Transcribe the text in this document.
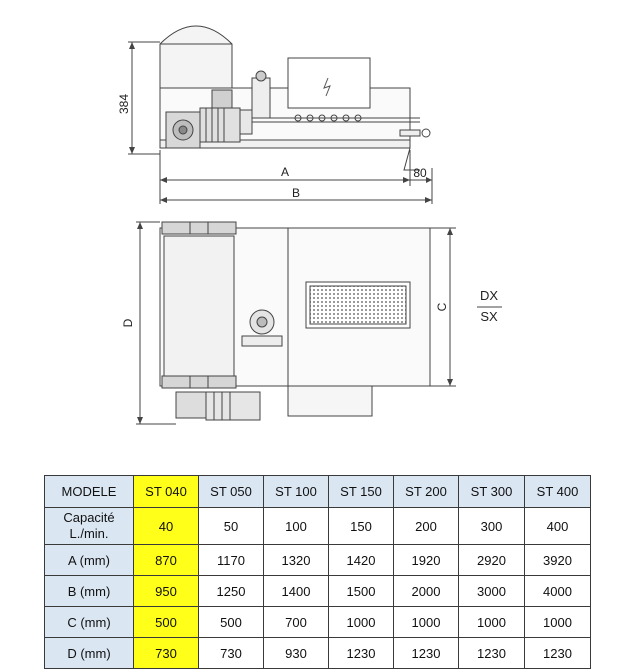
384
A	80
B
C
D
DX
SX
MODELE	ST 040	ST 050	ST 100	ST 150	ST 200	ST 300	ST 400

Capacité L./min.	40	50	100	150	200	300	400
A (mm)	870	1170	1320	1420	1920	2920	3920
B (mm)	950	1250	1400	1500	2000	3000	4000
C (mm)	500	500	700	1000	1000	1000	1000
D (mm)	730	730	930	1230	1230	1230	1230
